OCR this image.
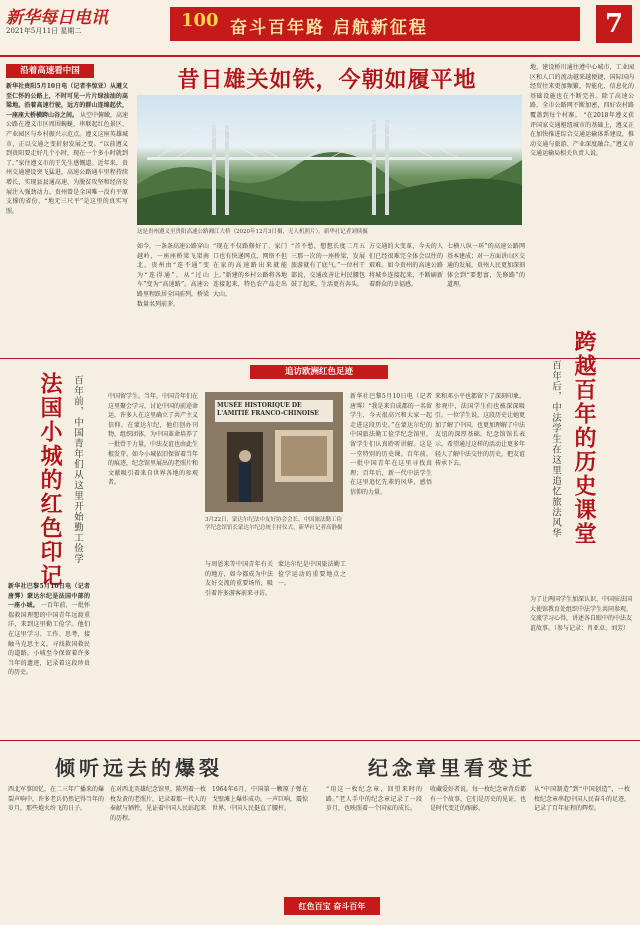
新华每日电讯
2021年5月11日 星期二	100 奋斗百年路 启航新征程	7
沿着高速看中国
新华社贵阳5月10日电（记者李惊亚）从遵义至仁怀的公路上，不时可见一片片绿油油的高粱地。沿着高速行驶，远方的群山连绵起伏，一座座大桥横跨山谷之间。 从空中俯瞰，高速公路在遵义市区周围蜿蜒，串联起红色景区、产业园区与乡村振兴示范点。遵义这座英雄城市，正以交通之变折射发展之变。“以前遵义到贵阳要走好几个小时，现在一个多小时就到了。”家住遵义市的王先生感慨道。近年来，贵州交通建设突飞猛进，高速公路通车里程持续增长，实现县县通高速，为脱贫攻坚和经济发展注入强劲动力。贵州曾是全国唯一没有平原支撑的省份，“地无三尺平”是这里的真实写照。
昔日雄关如铁，今朝如履平地
这是贵州遵义至贵阳高速公路湘江大桥（2020年12月3日摄，无人机照片）。新华社记者刘续摄
地，建设桥川通往遵中心城市，工业园区和人口的流动越来越便捷，国际国内经贸往来更加频繁，智能化、信息化的基础设施也在不断完善。除了高速公路，全市公路网不断加密，四好农村路覆盖到每个村寨。 “在2018年遵义获评国家交通枢纽城市的基础上，遵义正在加快推进综合交通运输体系建设，推动交通与旅游、产业深度融合。”遵义市交通运输局相关负责人说。
如今，一条条高速公路穿山越岭，一座座桥梁飞架南北，贵州由“连不通”变为“连得通”，从“过山车”变为“高速路”。高速公路里程跃居全国前列，桥梁数量名列前茅。
“现在不仅路修好了，家门口也有快递网点，网络不但在家的高速路出来就能上。”新建的乡村公路将各地连接起来，特色农产品走出大山。
“首不愁，想想长度二月五三那一次的一座桥梁，发展旅游就有了底气。”一位村干部说，交通改善让村民腰包鼓了起来，生活更有奔头。
方交通的大变革，今天的人们已经很难完全体会以往的艰难。如今贵州的高速公路将城乡连接起来，不断刷新着群众的幸福感。
七横八纵一环”的高速公路网基本建成；对一方面讲山区交通的发展，贵州人民更加深刻体会到“要想富，先修路”的道理。
追访欧洲红色足迹
法国小城的红色印记 百年前，中国青年们从这里开始勤工俭学	跨越百年的历史课堂
百年后，中法学生在这里追忆旅法风华
新华社巴黎5月10日电（记者唐霁）蒙达尔纪是法国中部的一座小城。 一百年前，一批怀揣救国理想的中国青年远渡重洋，来到这里勤工俭学。他们在这里学习、工作、思考，接触马克思主义，寻找救国救民的道路。小城至今保留着许多当年的遗迹，记录着这段珍贵的历史。
中国留学生。当年，中国青年们在这里聚会学习，讨论中国的前途命运，许多人在这里确立了共产主义信仰。在蒙达尔纪，他们创办刊物，组织团体，为中国革命培养了一批骨干力量，中法友谊也由此生根发芽。如今小城依旧保留着当年的痕迹，纪念馆里展出的老照片和文献吸引着来自世界各地的参观者。
MUSÉE HISTORIQUE DE L'AMITIÉ FRANCO-CHINOISE
3月22日，蒙达尔纪法中友好协会会长、中国旅法勤工俭学纪念馆馆长蒙达尔纪总统主持仪式。新华社记者高静摄
与周恩来等中国青年有关的地方，如今都成为中法友好交流的重要场所，吸引着许多游客前来寻访。
蒙达尔纪是中国旅法勤工俭学运动的重要地点之一。
新华社巴黎5月10日电（记者唐霁）“我是来自成都的一名留学生，今天很高兴和大家一起走进这段历史。”在蒙达尔纪的中国旅法勤工俭学纪念馆里，留学生们认真聆听讲解。这是一堂特别的历史课。百年前，一批中国青年在这里寻找真理；百年后，新一代中法学生在这里追忆先辈的风华，感悟信仰的力量。
来和邓小平也都留下了深刻印象。参观中，法国学生们也被深深吸引。一位学生说，这段历史让她更加了解了中国，也更加理解了中法友谊的深厚基础。纪念馆馆长表示，希望通过这样的活动让更多年轻人了解中法交往的历史，把友谊传承下去。
为了让两国学生加深认识，中国驻法国大使馆教育处组织中法学生共同参观，交流学习心得，讲述各自眼中的中法友谊故事。（参与记录：肖亚卓、刘芳）
倾听远去的爆裂	纪念章里看变迁
西北军事回忆，在二三年广播来的爆裂声响中，许多老兵仍然记得当年的岁月，那些炮火纷飞的日子。
在对西北英雄纪念馆里，陈列着一枚枚发黄的老照片，记录着那一代人的奉献与牺牲，见证着中国人民站起来的历程。
1964年6月，中国第一颗原子弹在戈壁滩上爆炸成功。一声巨响，震惊世界，中国人民挺直了腰杆。
“用这一枚纪念章，回望来时的路。”老人手中的纪念章记录了一段岁月，也映照着一个国家的成长。
收藏爱好者说，每一枚纪念章背后都有一个故事，它们是历史的见证，也是时代变迁的缩影。
从“中国制造”到“中国创造”，一枚枚纪念章串起中国人民奋斗的足迹，记录了百年征程的辉煌。
红色百宝 奋斗百年
